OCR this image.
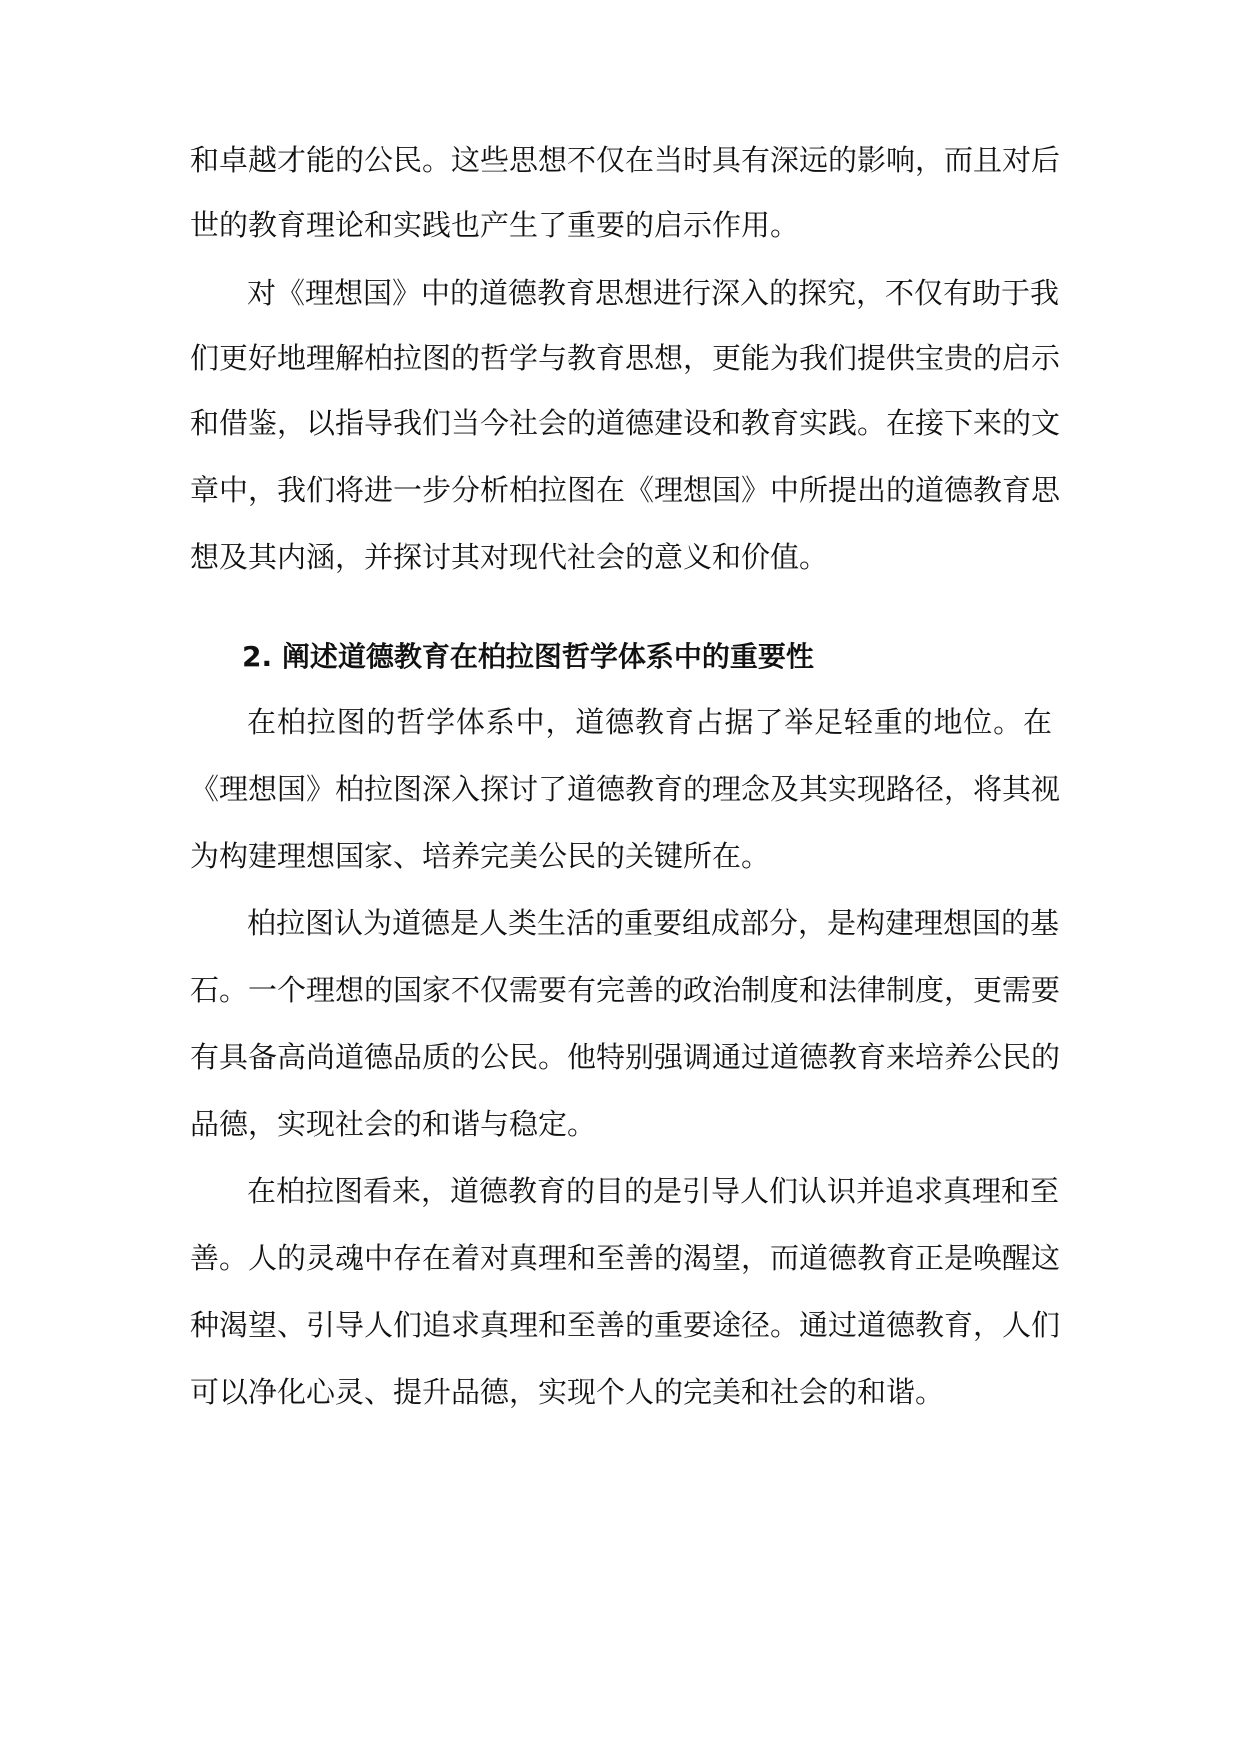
和卓越才能的公民。这些思想不仅在当时具有深远的影响，而且对后
世的教育理论和实践也产生了重要的启示作用。
对《理想国》中的道德教育思想进行深入的探究，不仅有助于我
们更好地理解柏拉图的哲学与教育思想，更能为我们提供宝贵的启示
和借鉴，以指导我们当今社会的道德建设和教育实践。在接下来的文
章中，我们将进一步分析柏拉图在《理想国》中所提出的道德教育思
想及其内涵，并探讨其对现代社会的意义和价值。
2. 阐述道德教育在柏拉图哲学体系中的重要性
在柏拉图的哲学体系中，道德教育占据了举足轻重的地位。在
《理想国》柏拉图深入探讨了道德教育的理念及其实现路径，将其视
为构建理想国家、培养完美公民的关键所在。
柏拉图认为道德是人类生活的重要组成部分，是构建理想国的基
石。一个理想的国家不仅需要有完善的政治制度和法律制度，更需要
有具备高尚道德品质的公民。他特别强调通过道德教育来培养公民的
品德，实现社会的和谐与稳定。
在柏拉图看来，道德教育的目的是引导人们认识并追求真理和至
善。人的灵魂中存在着对真理和至善的渴望，而道德教育正是唤醒这
种渴望、引导人们追求真理和至善的重要途径。通过道德教育，人们
可以净化心灵、提升品德，实现个人的完美和社会的和谐。
